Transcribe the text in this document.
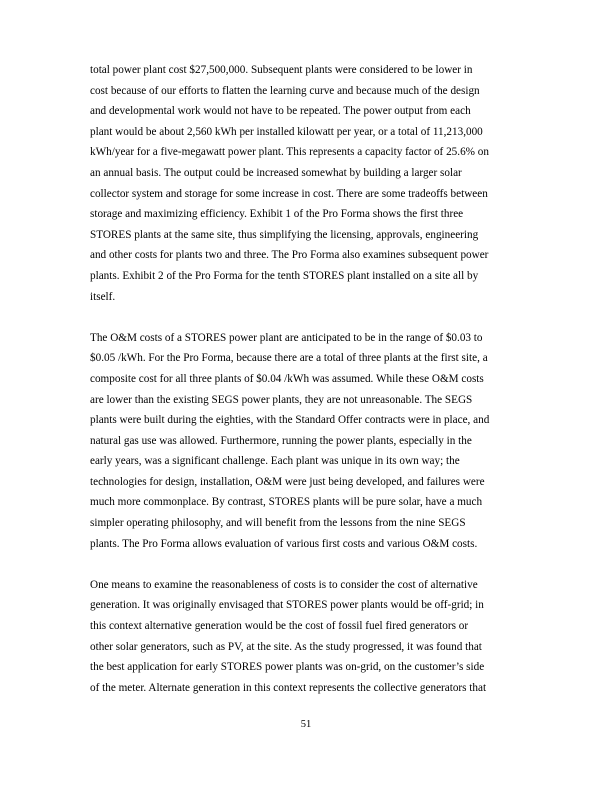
total power plant cost $27,500,000. Subsequent plants were considered to be lower in
cost because of our efforts to flatten the learning curve and because much of the design
and developmental work would not have to be repeated. The power output from each
plant would be about 2,560 kWh per installed kilowatt per year, or a total of 11,213,000
kWh/year for a five-megawatt power plant. This represents a capacity factor of 25.6% on
an annual basis. The output could be increased somewhat by building a larger solar
collector system and storage for some increase in cost. There are some tradeoffs between
storage and maximizing efficiency. Exhibit 1 of the Pro Forma shows the first three
STORES plants at the same site, thus simplifying the licensing, approvals, engineering
and other costs for plants two and three. The Pro Forma also examines subsequent power
plants. Exhibit 2 of the Pro Forma for the tenth STORES plant installed on a site all by
itself.

The O&M costs of a STORES power plant are anticipated to be in the range of $0.03 to
$0.05 /kWh. For the Pro Forma, because there are a total of three plants at the first site, a
composite cost for all three plants of $0.04 /kWh was assumed. While these O&M costs
are lower than the existing SEGS power plants, they are not unreasonable. The SEGS
plants were built during the eighties, with the Standard Offer contracts were in place, and
natural gas use was allowed. Furthermore, running the power plants, especially in the
early years, was a significant challenge. Each plant was unique in its own way; the
technologies for design, installation, O&M were just being developed, and failures were
much more commonplace. By contrast, STORES plants will be pure solar, have a much
simpler operating philosophy, and will benefit from the lessons from the nine SEGS
plants. The Pro Forma allows evaluation of various first costs and various O&M costs.

One means to examine the reasonableness of costs is to consider the cost of alternative
generation. It was originally envisaged that STORES power plants would be off-grid; in
this context alternative generation would be the cost of fossil fuel fired generators or
other solar generators, such as PV, at the site. As the study progressed, it was found that
the best application for early STORES power plants was on-grid, on the customer’s side
of the meter. Alternate generation in this context represents the collective generators that

51
